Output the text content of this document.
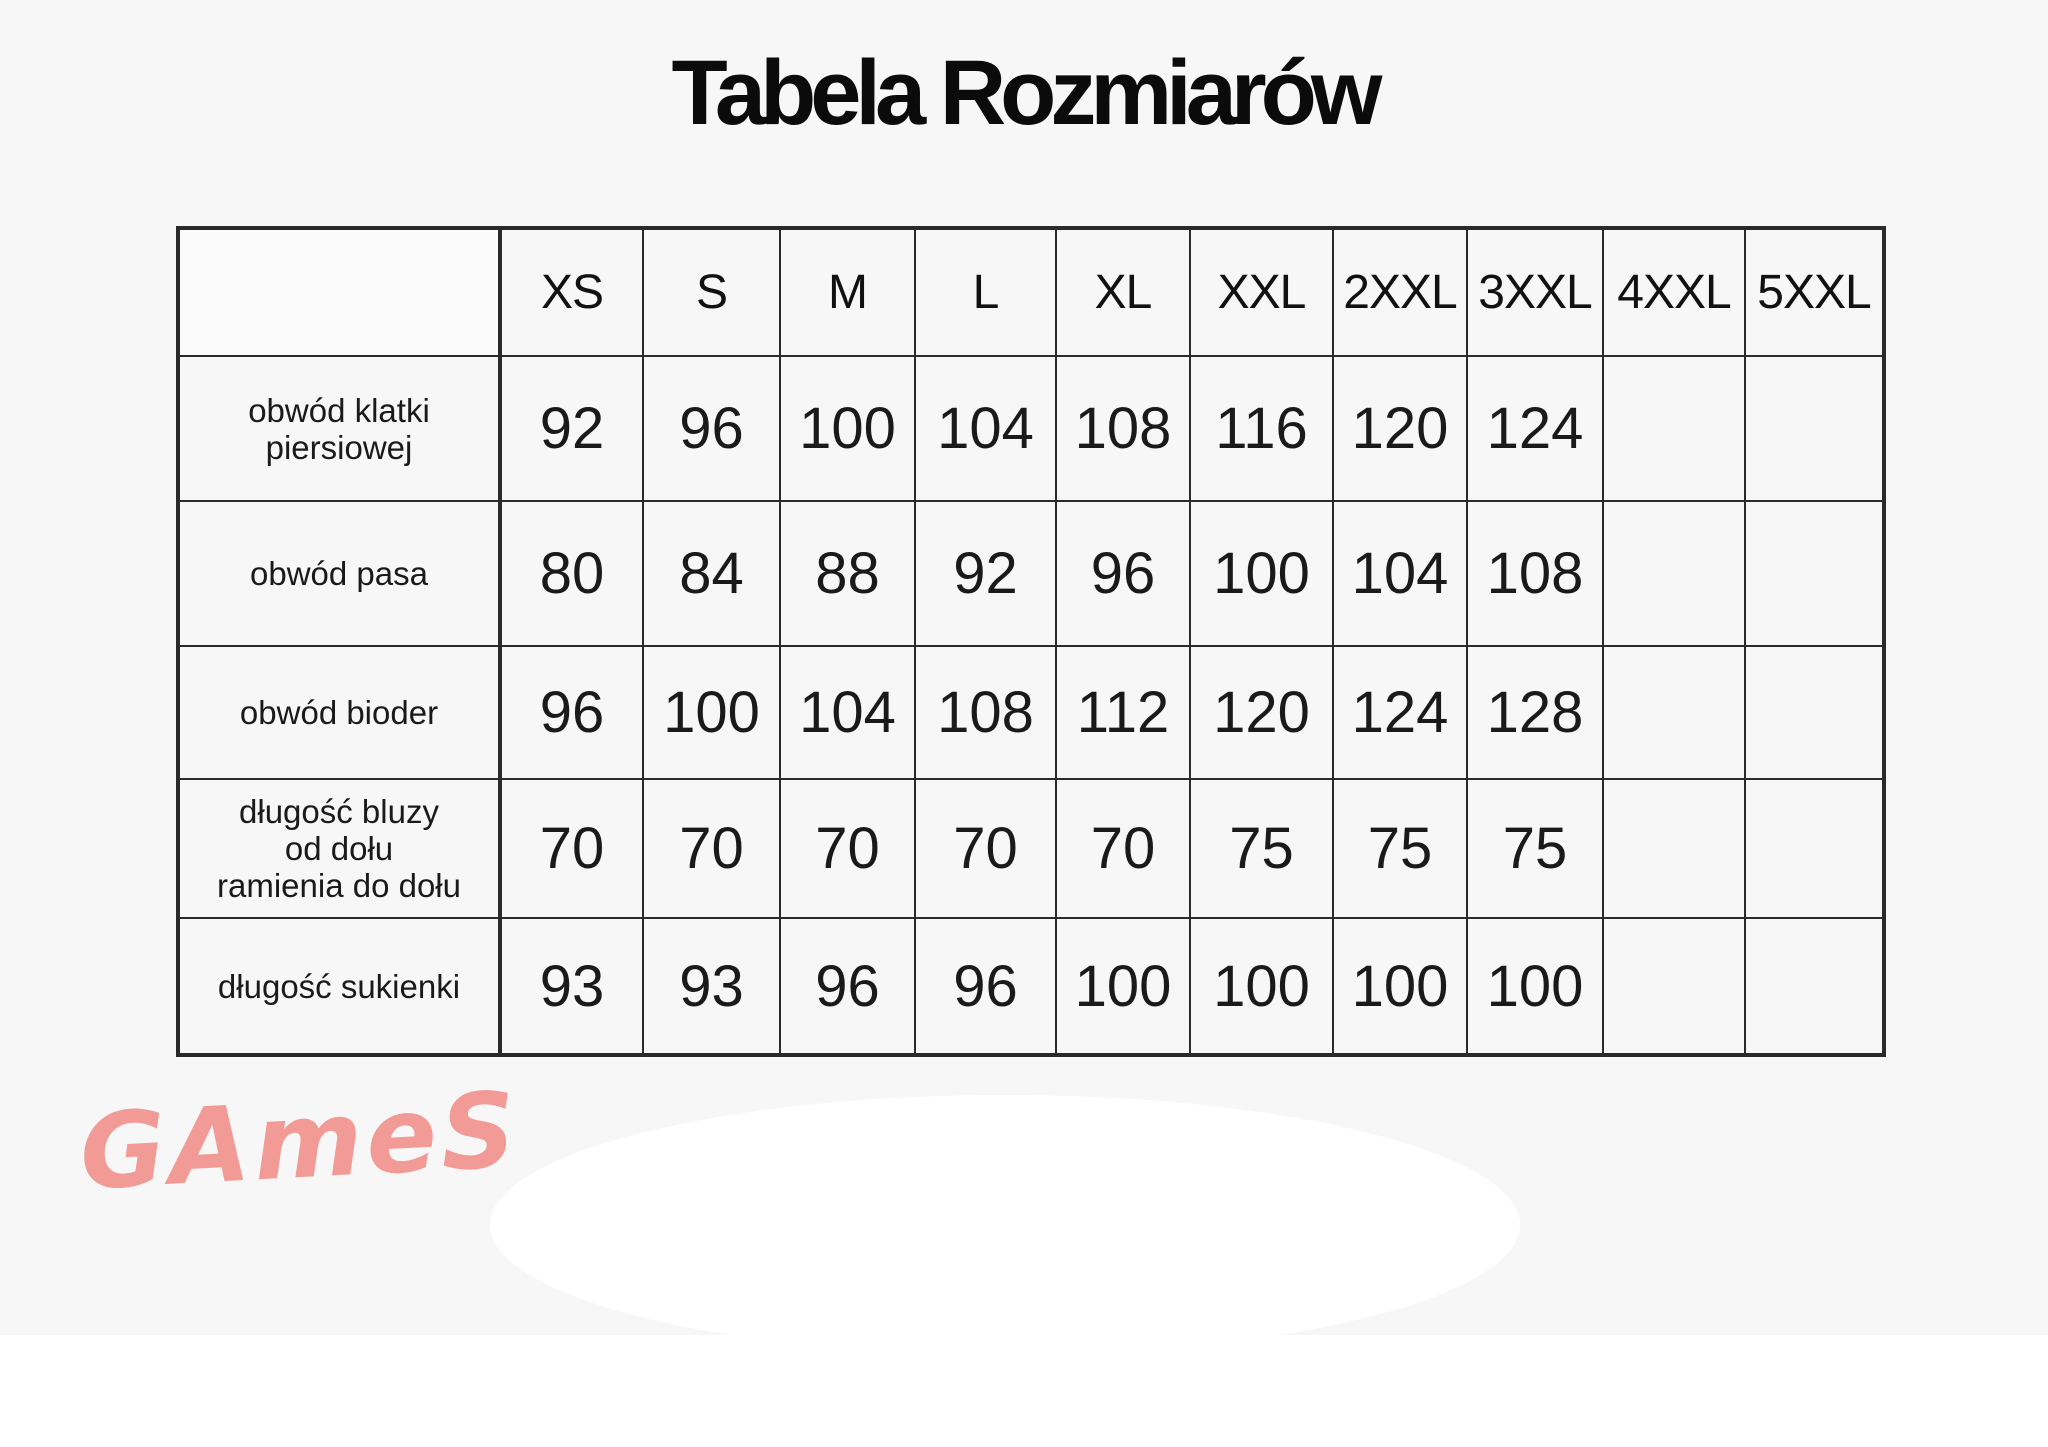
Tabela Rozmiarów
	XS	S	M	L	XL	XXL	2XXL	3XXL	4XXL	5XXL
obwód klatki
piersiowej	92	96	100	104	108	116	120	124		
obwód pasa	80	84	88	92	96	100	104	108		
obwód bioder	96	100	104	108	112	120	124	128		
długość bluzy
od dołu
ramienia do dołu	70	70	70	70	70	75	75	75		
długość sukienki	93	93	96	96	100	100	100	100		
GAmeS
